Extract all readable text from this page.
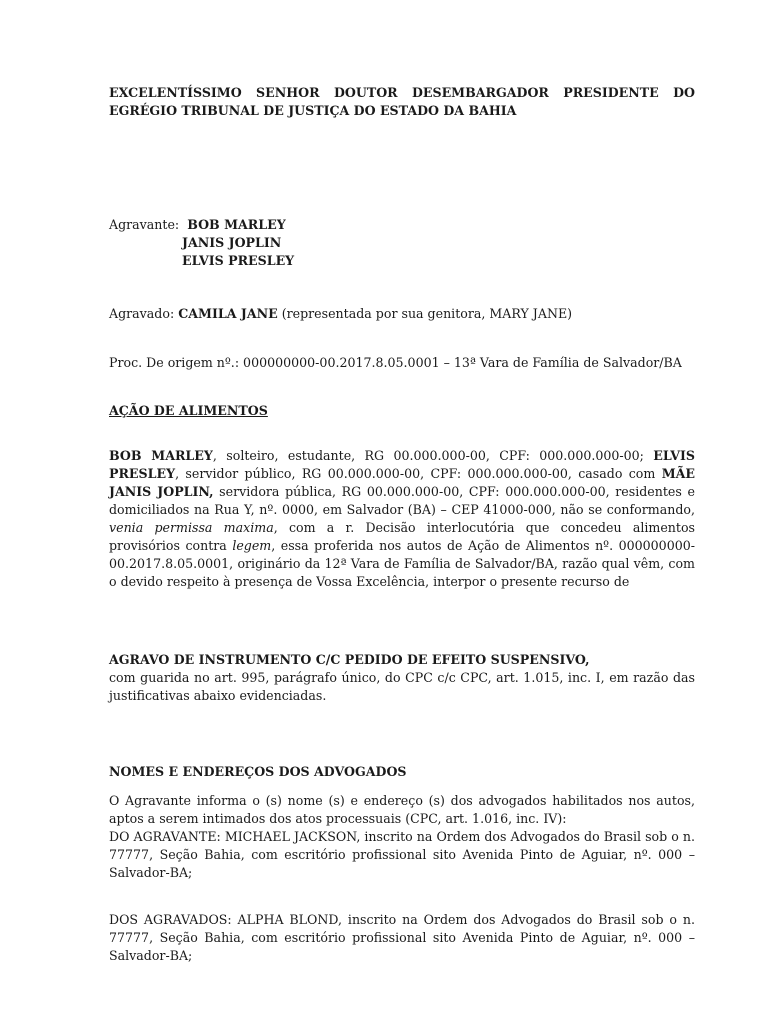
EXCELENTÍSSIMO SENHOR DOUTOR DESEMBARGADOR PRESIDENTE DO EGRÉGIO TRIBUNAL DE JUSTIÇA DO ESTADO DA BAHIA
Agravante: BOB MARLEY
JANIS JOPLIN
ELVIS PRESLEY
Agravado: CAMILA JANE (representada por sua genitora, MARY JANE)
Proc. De origem nº.: 000000000-00.2017.8.05.0001 – 13ª Vara de Família de Salvador/BA
AÇÃO DE ALIMENTOS
BOB MARLEY, solteiro, estudante, RG 00.000.000-00, CPF: 000.000.000-00; ELVIS PRESLEY, servidor público, RG 00.000.000-00, CPF: 000.000.000-00, casado com MÃE JANIS JOPLIN, servidora pública, RG 00.000.000-00, CPF: 000.000.000-00, residentes e domiciliados na Rua Y, nº. 0000, em Salvador (BA) – CEP 41000-000, não se conformando, venia permissa maxima, com a r. Decisão interlocutória que concedeu alimentos provisórios contra legem, essa proferida nos autos de Ação de Alimentos nº. 000000000-00.2017.8.05.0001, originário da 12ª Vara de Família de Salvador/BA, razão qual vêm, com o devido respeito à presença de Vossa Excelência, interpor o presente recurso de
AGRAVO DE INSTRUMENTO C/C PEDIDO DE EFEITO SUSPENSIVO,
com guarida no art. 995, parágrafo único, do CPC c/c CPC, art. 1.015, inc. I, em razão das justificativas abaixo evidenciadas.
NOMES E ENDEREÇOS DOS ADVOGADOS
O Agravante informa o (s) nome (s) e endereço (s) dos advogados habilitados nos autos, aptos a serem intimados dos atos processuais (CPC, art. 1.016, inc. IV):
DO AGRAVANTE: MICHAEL JACKSON, inscrito na Ordem dos Advogados do Brasil sob o n. 77777, Seção Bahia, com escritório profissional sito Avenida Pinto de Aguiar, nº. 000 – Salvador-BA;
DOS AGRAVADOS: ALPHA BLOND, inscrito na Ordem dos Advogados do Brasil sob o n. 77777, Seção Bahia, com escritório profissional sito Avenida Pinto de Aguiar, nº. 000 – Salvador-BA;
